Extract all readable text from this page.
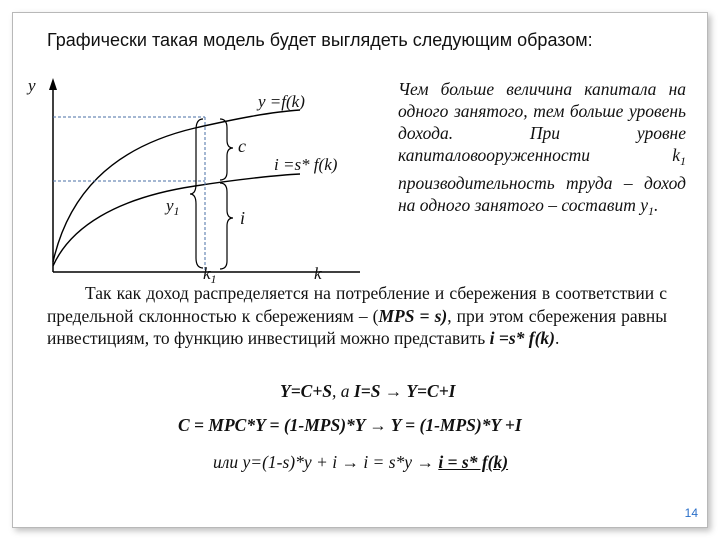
Графически такая модель будет выглядеть следующим образом:
y
k
y =f(k)
i =s* f(k)
c
i
$y_1$
$k_1$
Чем больше величина капитала на одного занятого, тем больше уровень дохода. При уровне капиталовооруженности $k_1$ производительность труда – доход на одного занятого – составит $y_1$.
Так как доход распределяется на потребление и сбережения в соответствии с предельной склонностью к сбережениям – (MPS = s), при этом сбережения равны инвестициям, то функцию инвестиций можно представить i =s* f(k).
Y=C+S, а I=S → Y=C+I
C = MPC*Y = (1-MPS)*Y → Y = (1-MPS)*Y +I
или y=(1-s)*y + i → i = s*y → i = s* f(k)
14
